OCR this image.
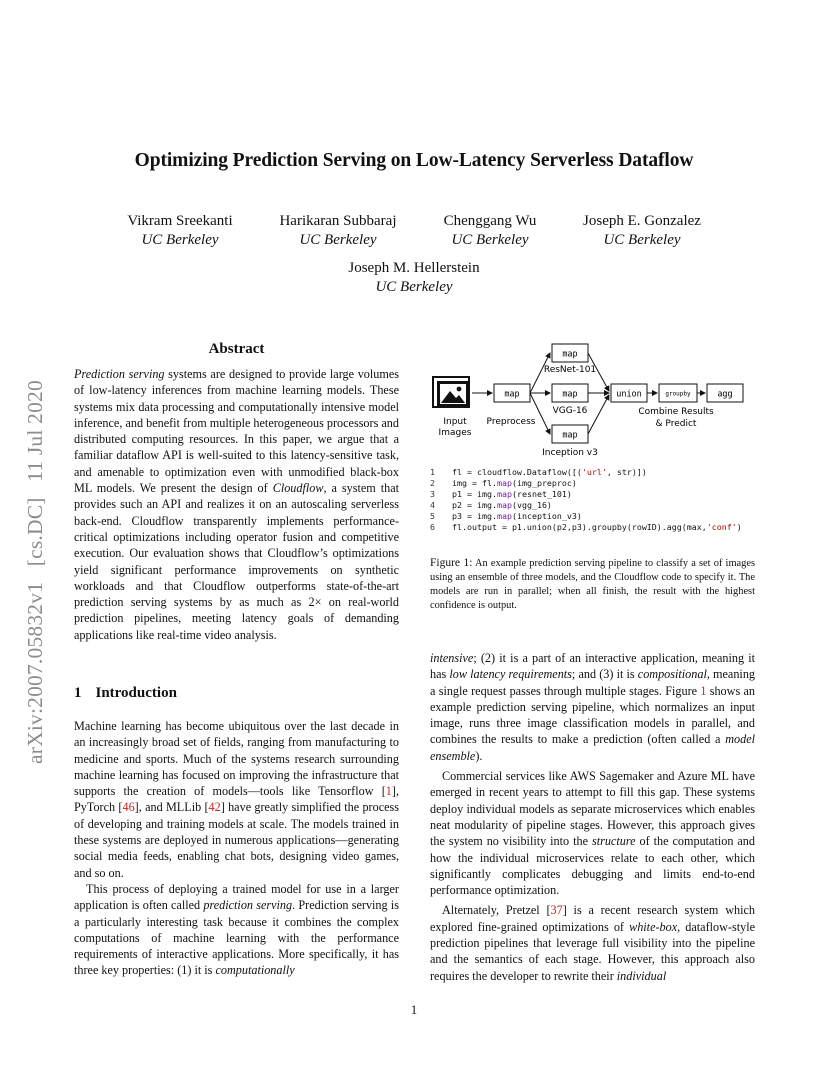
arXiv:2007.05832v1 [cs.DC] 11 Jul 2020
Optimizing Prediction Serving on Low-Latency Serverless Dataflow
Vikram Sreekanti
UC Berkeley
Harikaran Subbaraj
UC Berkeley
Chenggang Wu
UC Berkeley
Joseph E. Gonzalez
UC Berkeley
Joseph M. Hellerstein
UC Berkeley
Abstract

Prediction serving systems are designed to provide large volumes of low-latency inferences from machine learning models. These systems mix data processing and computationally intensive model inference, and benefit from multiple heterogeneous processors and distributed computing resources. In this paper, we argue that a familiar dataflow API is well-suited to this latency-sensitive task, and amenable to optimization even with unmodified black-box ML models. We present the design of Cloudflow, a system that provides such an API and realizes it on an autoscaling serverless back-end. Cloudflow transparently implements performance-critical optimizations including operator fusion and competitive execution. Our evaluation shows that Cloudflow’s optimizations yield significant performance improvements on synthetic workloads and that Cloudflow outperforms state-of-the-art prediction serving systems by as much as 2× on real-world prediction pipelines, meeting latency goals of demanding applications like real-time video analysis.

1 Introduction

Machine learning has become ubiquitous over the last decade in an increasingly broad set of fields, ranging from manufacturing to medicine and sports. Much of the systems research surrounding machine learning has focused on improving the infrastructure that supports the creation of models—tools like Tensorflow [1], PyTorch [46], and MLLib [42] have greatly simplified the process of developing and training models at scale. The models trained in these systems are deployed in numerous applications—generating social media feeds, enabling chat bots, designing video games, and so on.

This process of deploying a trained model for use in a larger application is often called prediction serving. Prediction serving is a particularly interesting task because it combines the complex computations of machine learning with the performance requirements of interactive applications. More specifically, it has three key properties: (1) it is computationally

Input
Images
map
Preprocess
map
ResNet-101
map
VGG-16
map
Inception v3
union	groupby	agg
Combine Results
& Predict
1 fl = cloudflow.Dataflow([('url', str)])
2 img = fl.map(img_preproc)
3 p1 = img.map(resnet_101)
4 p2 = img.map(vgg_16)
5 p3 = img.map(inception_v3)
6 fl.output = p1.union(p2,p3).groupby(rowID).agg(max,'conf')
Figure 1: An example prediction serving pipeline to classify a set of images using an ensemble of three models, and the Cloudflow code to specify it. The models are run in parallel; when all finish, the result with the highest confidence is output.

intensive; (2) it is a part of an interactive application, meaning it has low latency requirements; and (3) it is compositional, meaning a single request passes through multiple stages. Figure 1 shows an example prediction serving pipeline, which normalizes an input image, runs three image classification models in parallel, and combines the results to make a prediction (often called a model ensemble).

Commercial services like AWS Sagemaker and Azure ML have emerged in recent years to attempt to fill this gap. These systems deploy individual models as separate microservices which enables neat modularity of pipeline stages. However, this approach gives the system no visibility into the structure of the computation and how the individual microservices relate to each other, which significantly complicates debugging and limits end-to-end performance optimization.

Alternately, Pretzel [37] is a recent research system which explored fine-grained optimizations of white-box, dataflow-style prediction pipelines that leverage full visibility into the pipeline and the semantics of each stage. However, this approach also requires the developer to rewrite their individual

1
